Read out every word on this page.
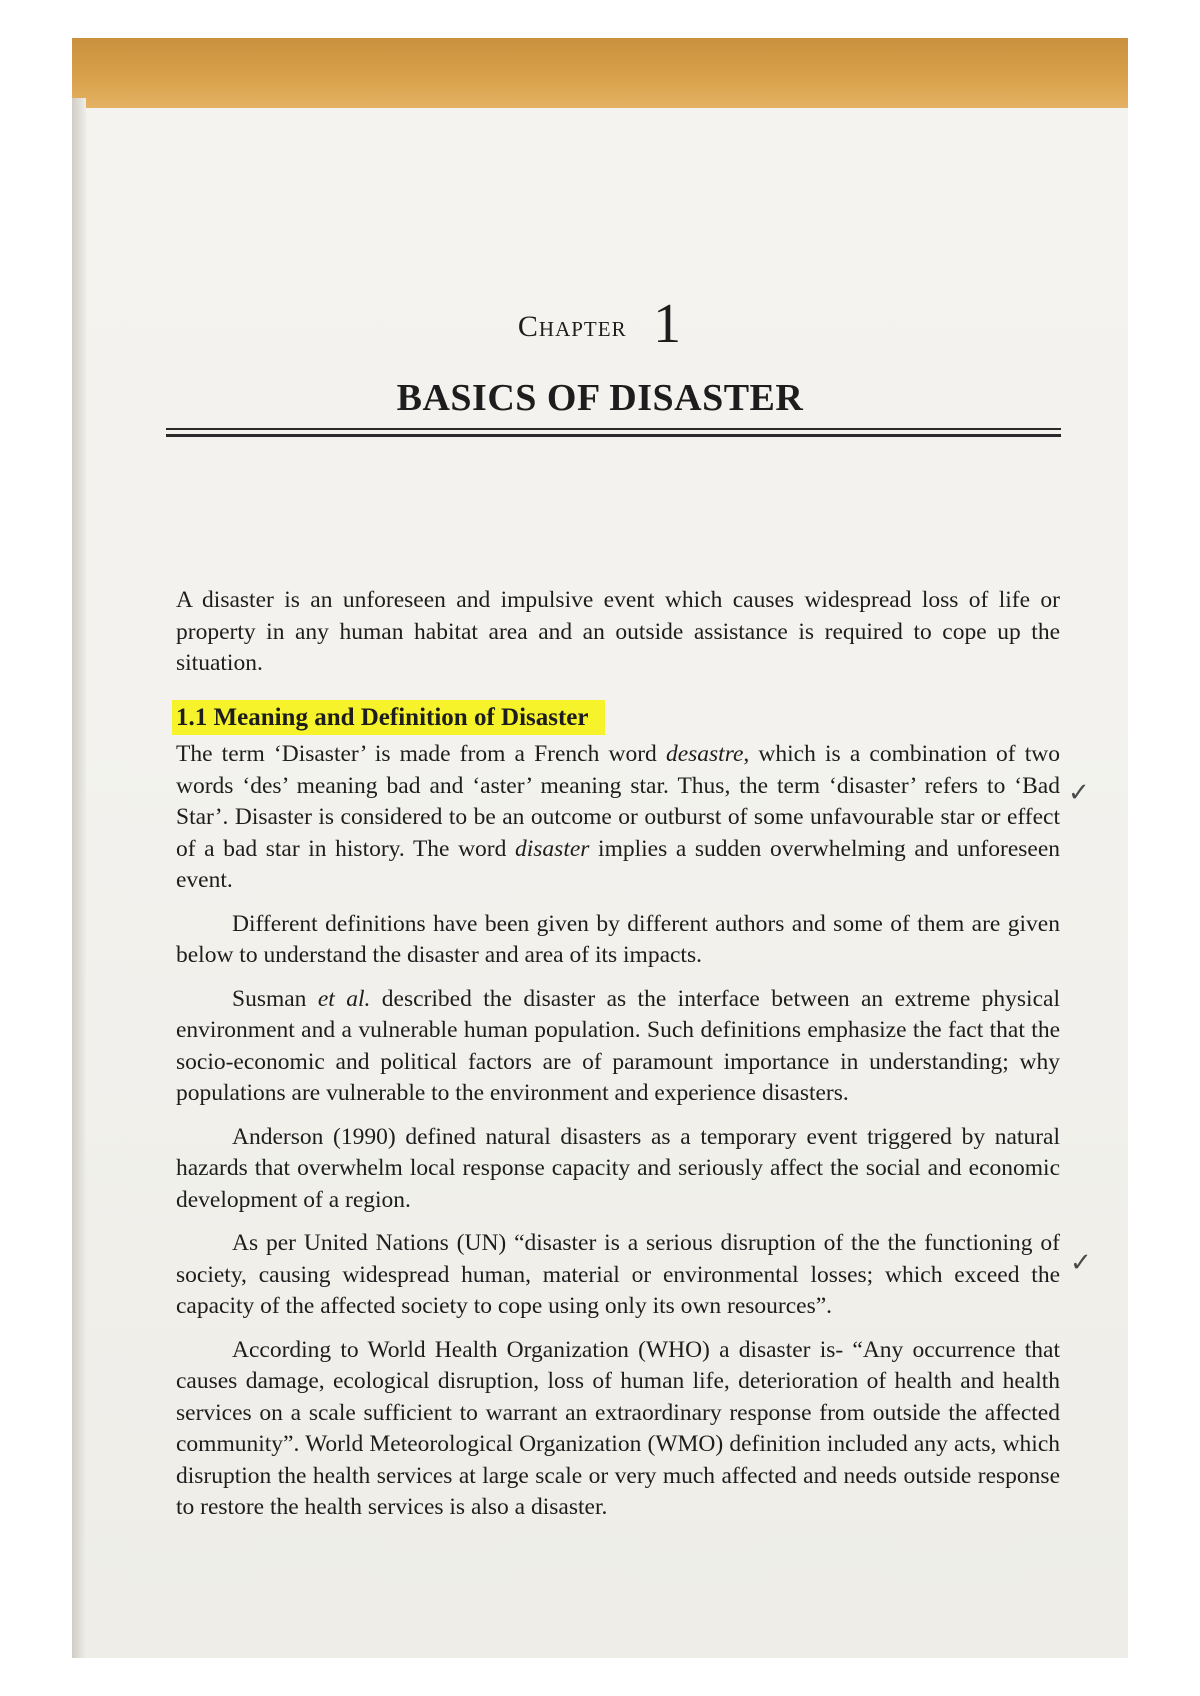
Chapter 1
BASICS OF DISASTER

A disaster is an unforeseen and impulsive event which causes widespread loss of life or property in any human habitat area and an outside assistance is required to cope up the situation.

1.1 Meaning and Definition of Disaster

The term ‘Disaster’ is made from a French word desastre, which is a combination of two words ‘des’ meaning bad and ‘aster’ meaning star. Thus, the term ‘disaster’ refers to ‘Bad Star’. Disaster is considered to be an outcome or outburst of some unfavourable star or effect of a bad star in history. The word disaster implies a sudden overwhelming and unforeseen event.

Different definitions have been given by different authors and some of them are given below to understand the disaster and area of its impacts.

Susman et al. described the disaster as the interface between an extreme physical environment and a vulnerable human population. Such definitions emphasize the fact that the socio-economic and political factors are of paramount importance in understanding; why populations are vulnerable to the environment and experience disasters.

Anderson (1990) defined natural disasters as a temporary event triggered by natural hazards that overwhelm local response capacity and seriously affect the social and economic development of a region.

As per United Nations (UN) “disaster is a serious disruption of the the functioning of society, causing widespread human, material or environmental losses; which exceed the capacity of the affected society to cope using only its own resources”.

According to World Health Organization (WHO) a disaster is- “Any occurrence that causes damage, ecological disruption, loss of human life, deterioration of health and health services on a scale sufficient to warrant an extraordinary response from outside the affected community”. World Meteorological Organization (WMO) definition included any acts, which disruption the health services at large scale or very much affected and needs outside response to restore the health services is also a disaster.

✓
✓
